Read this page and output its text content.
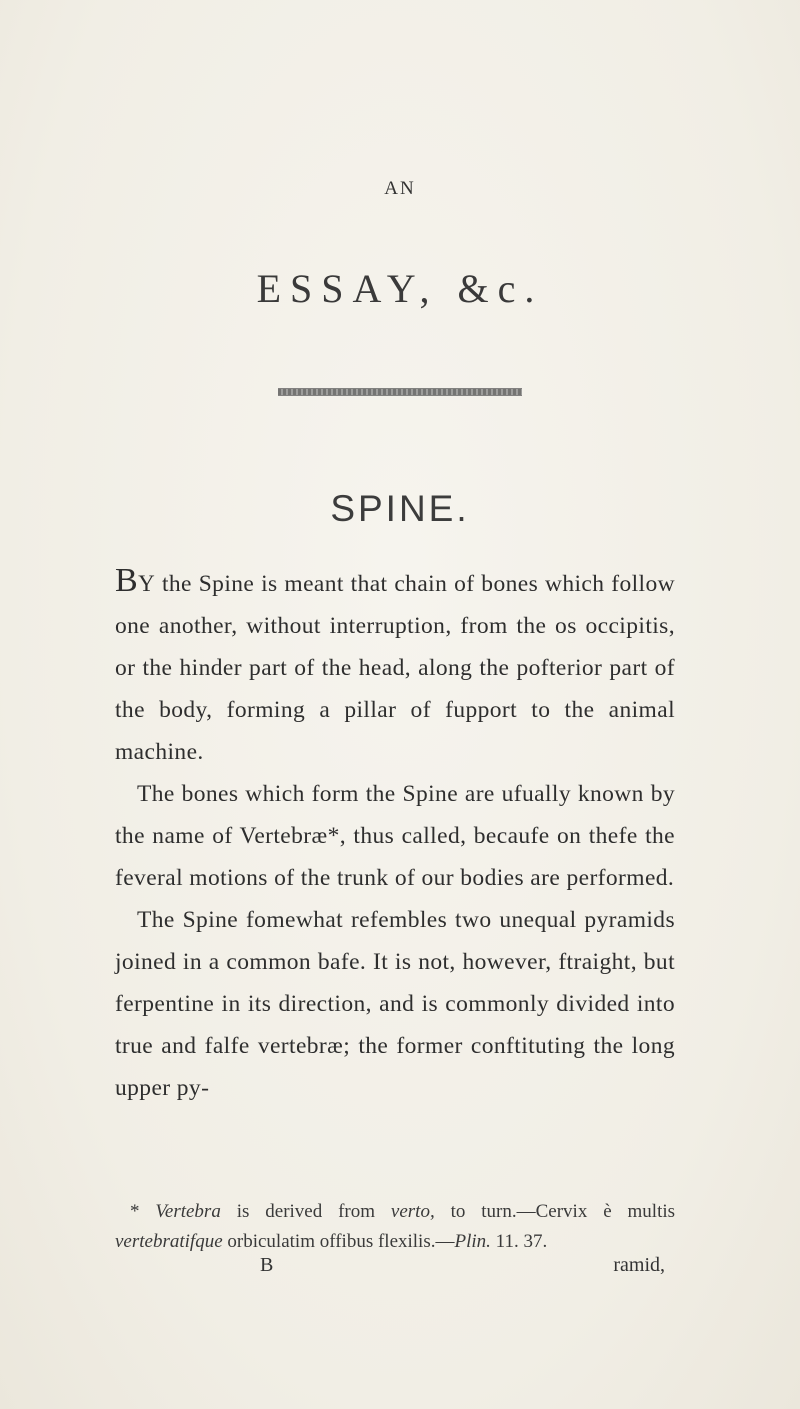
AN
ESSAY, &c.
SPINE.

BY the Spine is meant that chain of bones which follow one another, without interruption, from the os occipitis, or the hinder part of the head, along the pofterior part of the body, forming a pillar of fupport to the animal machine.

The bones which form the Spine are ufually known by the name of Vertebræ*, thus called, becaufe on thefe the feveral motions of the trunk of our bodies are performed.

The Spine fomewhat refembles two unequal pyramids joined in a common bafe. It is not, however, ftraight, but ferpentine in its direction, and is commonly divided into true and falfe vertebræ; the former conftituting the long upper py-

* Vertebra is derived from verto, to turn.—Cervix è multis vertebratifque orbiculatim offibus flexilis.—Plin. 11. 37.
B	ramid,
